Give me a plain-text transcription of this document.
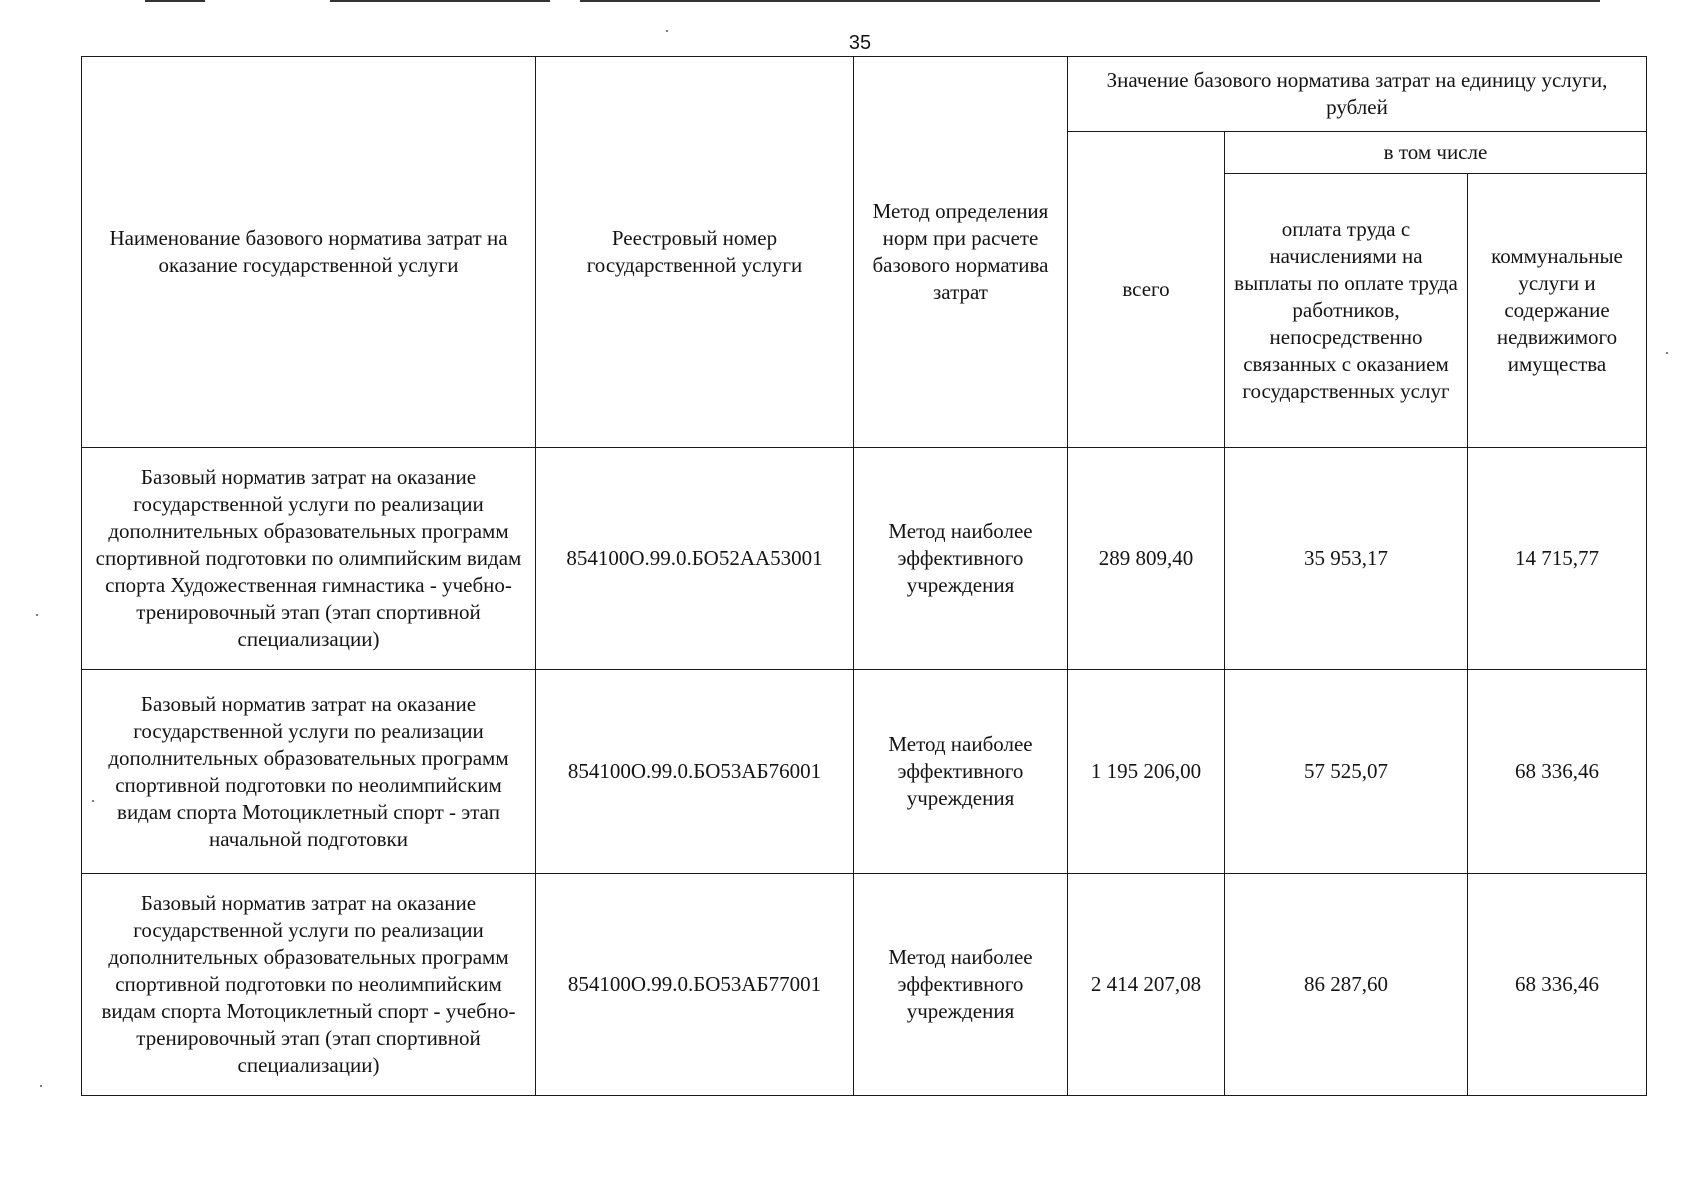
35
Наименование базового норматива затрат на оказание государственной услуги	Реестровый номер государственной услуги	Метод определения норм при расчете базового норматива затрат	Значение базового норматива затрат на единицу услуги, рублей		
			всего	в том числе	
				оплата труда с начислениями на выплаты по оплате труда работников, непосредственно связанных с оказанием государственных услуг	коммунальные услуги и содержание недвижимого имущества
Базовый норматив затрат на оказание государственной услуги по реализации дополнительных образовательных программ спортивной подготовки по олимпийским видам спорта Художественная гимнастика - учебно-тренировочный этап (этап спортивной специализации)	854100О.99.0.БО52АА53001	Метод наиболее эффективного учреждения	289 809,40	35 953,17	14 715,77
Базовый норматив затрат на оказание государственной услуги по реализации дополнительных образовательных программ спортивной подготовки по неолимпийским видам спорта Мотоциклетный спорт - этап начальной подготовки	854100О.99.0.БО53АБ76001	Метод наиболее эффективного учреждения	1 195 206,00	57 525,07	68 336,46
Базовый норматив затрат на оказание государственной услуги по реализации дополнительных образовательных программ спортивной подготовки по неолимпийским видам спорта Мотоциклетный спорт - учебно-тренировочный этап (этап спортивной специализации)	854100О.99.0.БО53АБ77001	Метод наиболее эффективного учреждения	2 414 207,08	86 287,60	68 336,46
